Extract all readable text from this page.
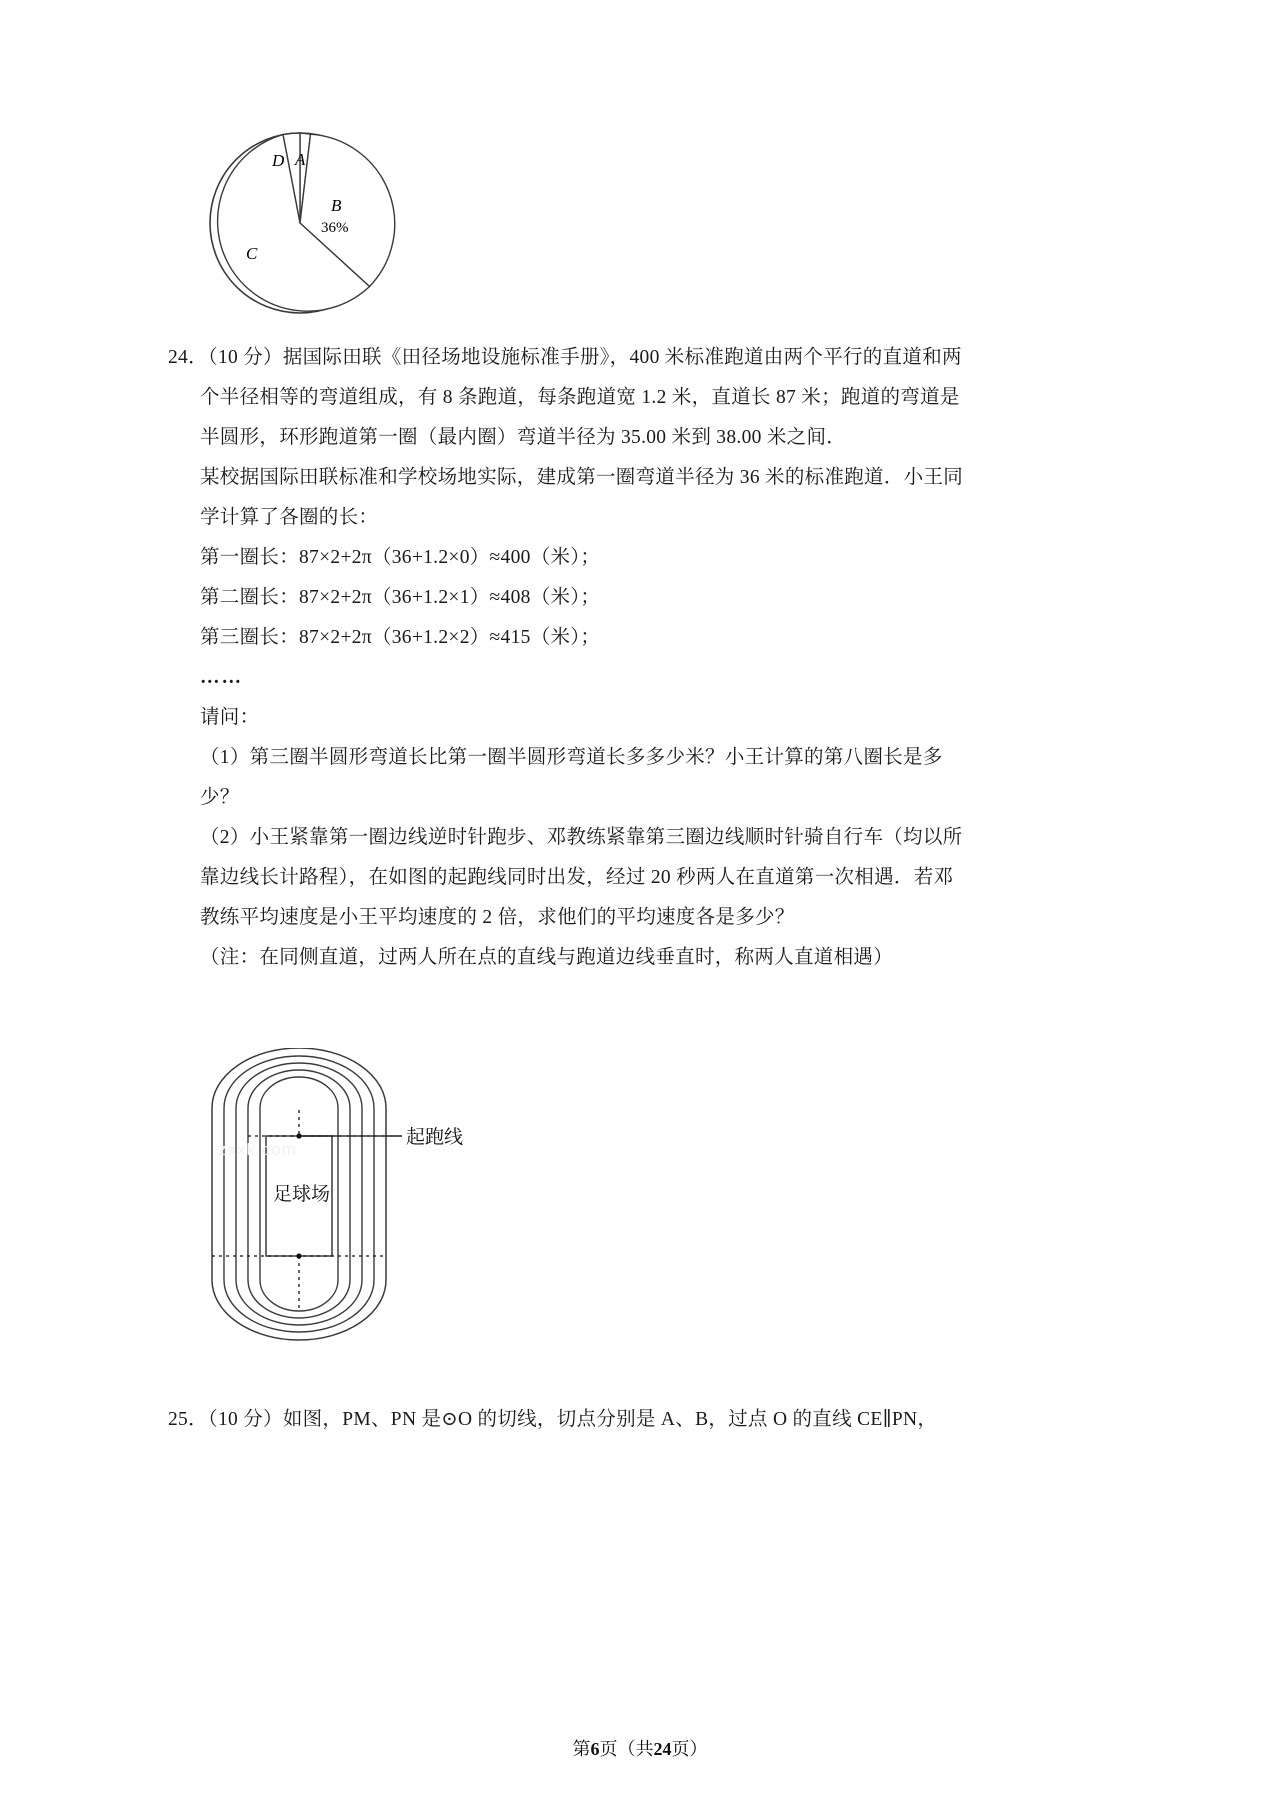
D A
B
36%
C
24．（10 分）据国际田联《田径场地设施标准手册》，400 米标准跑道由两个平行的直道和两
个半径相等的弯道组成，有 8 条跑道，每条跑道宽 1.2 米，直道长 87 米；跑道的弯道是
半圆形，环形跑道第一圈（最内圈）弯道半径为 35.00 米到 38.00 米之间．
某校据国际田联标准和学校场地实际，建成第一圈弯道半径为 36 米的标准跑道．小王同
学计算了各圈的长：
第一圈长：87×2+2π（36+1.2×0）≈400（米）；
第二圈长：87×2+2π（36+1.2×1）≈408（米）；
第三圈长：87×2+2π（36+1.2×2）≈415（米）；
……
请问：
（1）第三圈半圆形弯道长比第一圈半圆形弯道长多多少米？小王计算的第八圈长是多
少？
（2）小王紧靠第一圈边线逆时针跑步、邓教练紧靠第三圈边线顺时针骑自行车（均以所
靠边线长计路程），在如图的起跑线同时出发，经过 20 秒两人在直道第一次相遇．若邓
教练平均速度是小王平均速度的 2 倍，求他们的平均速度各是多少？
（注：在同侧直道，过两人所在点的直线与跑道边线垂直时，称两人直道相遇）
起跑线
足球场
zxxk.com
25．（10 分）如图，PM、PN 是⊙O 的切线，切点分别是 A、B，过点 O 的直线 CE∥PN，
第6页（共24页）
